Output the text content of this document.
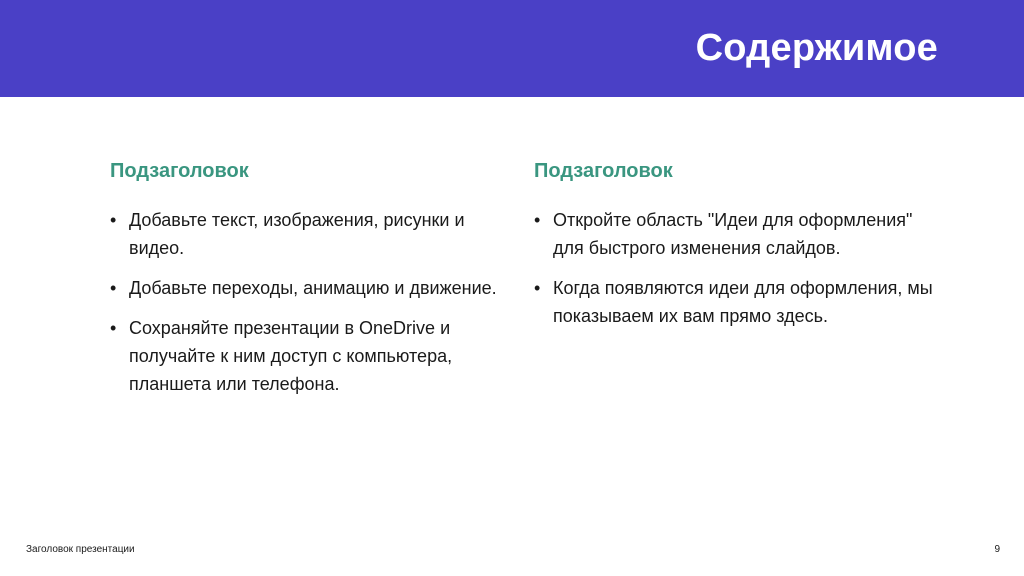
Содержимое
Подзаголовок
• Добавьте текст, изображения, рисунки и видео.
• Добавьте переходы, анимацию и движение.
• Сохраняйте презентации в OneDrive и получайте к ним доступ с компьютера, планшета или телефона.
Подзаголовок
• Откройте область "Идеи для оформления" для быстрого изменения слайдов.
• Когда появляются идеи для оформления, мы показываем их вам прямо здесь.
Заголовок презентации	9
